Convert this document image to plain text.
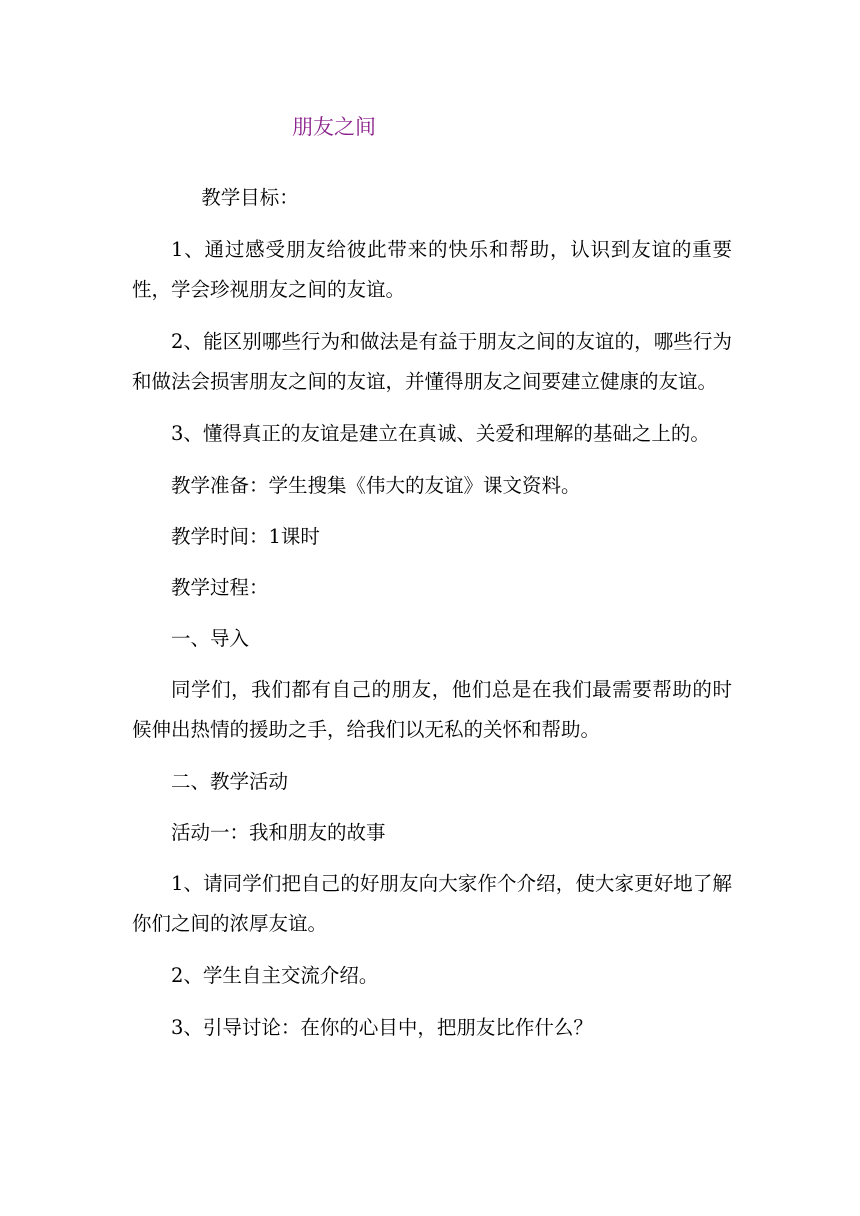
朋友之间

教学目标：

1、通过感受朋友给彼此带来的快乐和帮助，认识到友谊的重要性，学会珍视朋友之间的友谊。

2、能区别哪些行为和做法是有益于朋友之间的友谊的，哪些行为和做法会损害朋友之间的友谊，并懂得朋友之间要建立健康的友谊。

3、懂得真正的友谊是建立在真诚、关爱和理解的基础之上的。

教学准备：学生搜集《伟大的友谊》课文资料。

教学时间：1课时

教学过程：

一、导入

同学们，我们都有自己的朋友，他们总是在我们最需要帮助的时候伸出热情的援助之手，给我们以无私的关怀和帮助。

二、教学活动

活动一：我和朋友的故事

1、请同学们把自己的好朋友向大家作个介绍，使大家更好地了解你们之间的浓厚友谊。

2、学生自主交流介绍。

3、引导讨论：在你的心目中，把朋友比作什么？
